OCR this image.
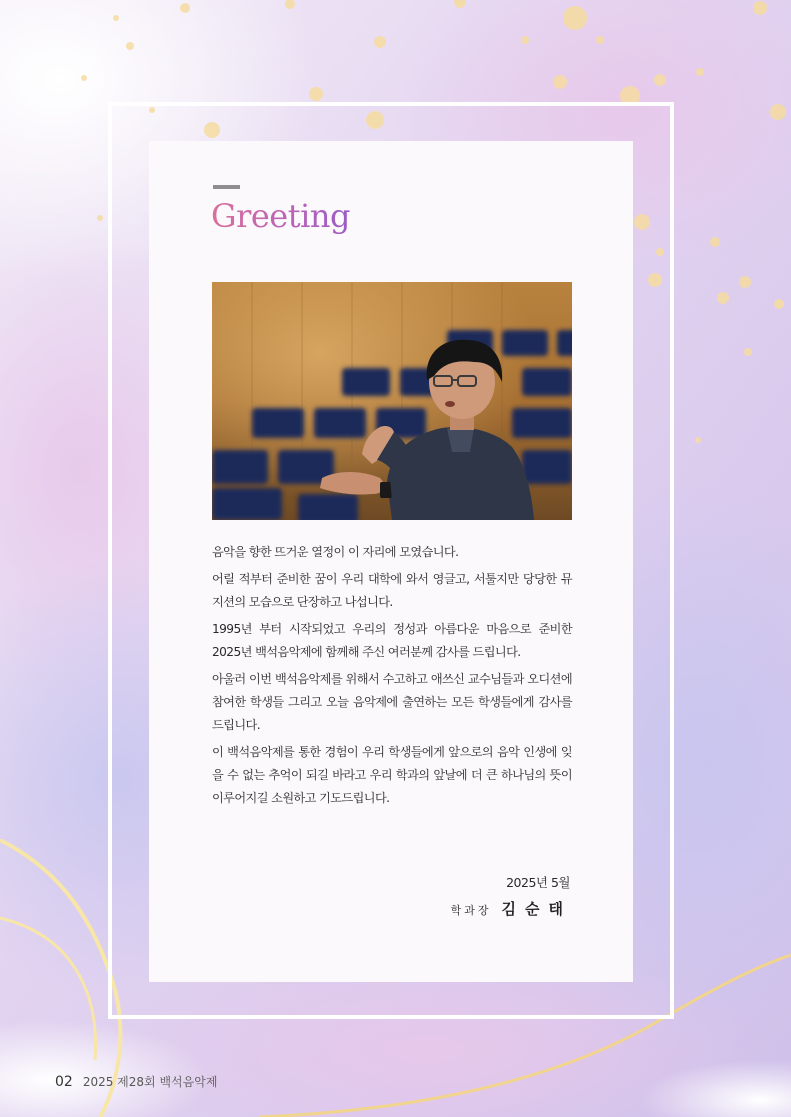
Greeting

음악을 향한 뜨거운 열정이 이 자리에 모였습니다.

어릴 적부터 준비한 꿈이 우리 대학에 와서 영글고, 서툴지만 당당한 뮤지션의 모습으로 단장하고 나섭니다.

1995년 부터 시작되었고 우리의 정성과 아름다운 마음으로 준비한 2025년 백석음악제에 함께해 주신 여러분께 감사를 드립니다.

아울러 이번 백석음악제를 위해서 수고하고 애쓰신 교수님들과 오디션에 참여한 학생들 그리고 오늘 음악제에 출연하는 모든 학생들에게 감사를 드립니다.

이 백석음악제를 통한 경험이 우리 학생들에게 앞으로의 음악 인생에 잊을 수 없는 추억이 되길 바라고 우리 학과의 앞날에 더 큰 하나님의 뜻이 이루어지길 소원하고 기도드립니다.

2025년 5월
학과장 김순태
02 2025 제28회 백석음악제
